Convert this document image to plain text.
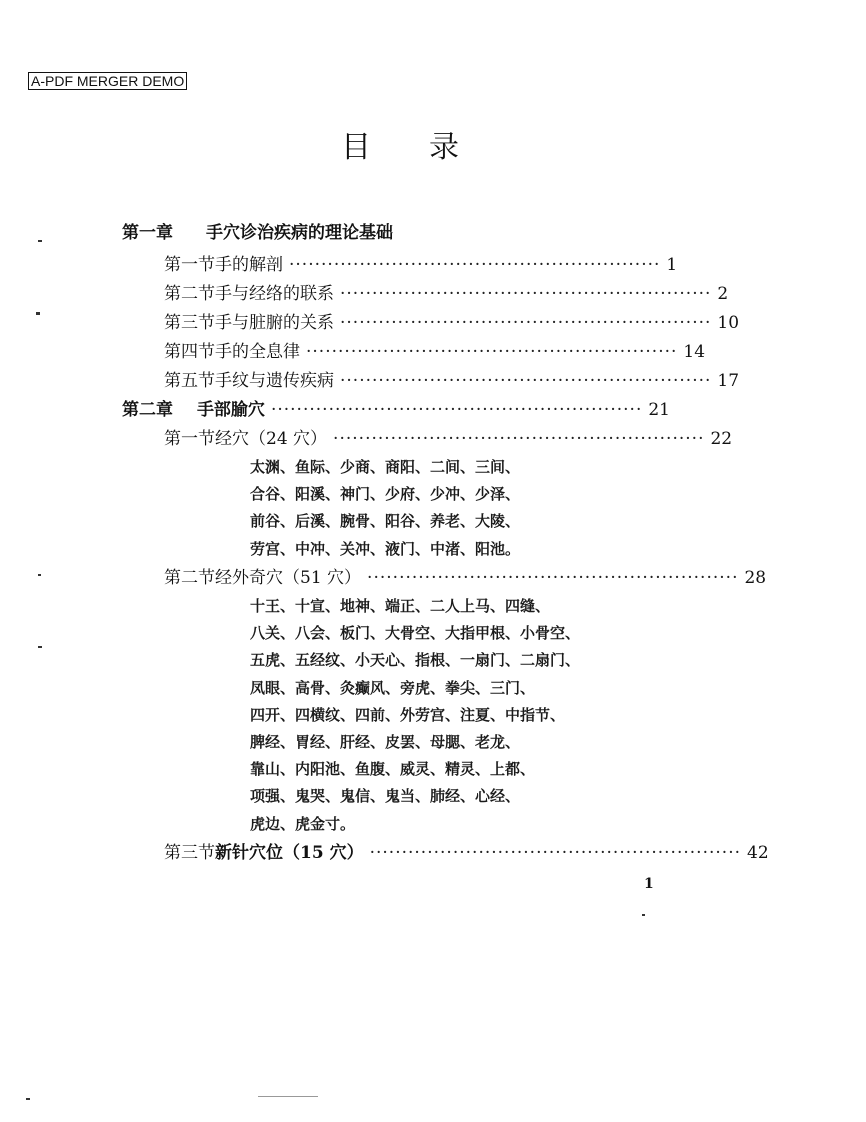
A-PDF MERGER DEMO
目录
第一章	手穴诊治疾病的理论基础
第一节 手的解剖 ·························································· 1
第二节 手与经络的联系 ·························································· 2
第三节 手与脏腑的关系 ·························································· 10
第四节 手的全息律 ·························································· 14
第五节 手纹与遗传疾病 ·························································· 17
第二章	手部腧穴 ·························································· 21
第一节 经穴（24 穴） ·························································· 22
太渊、鱼际、少商、商阳、二间、三间、
合谷、阳溪、神门、少府、少冲、少泽、
前谷、后溪、腕骨、阳谷、养老、大陵、
劳宫、中冲、关冲、液门、中渚、阳池。
第二节 经外奇穴（51 穴） ·························································· 28
十王、十宣、地神、端正、二人上马、四缝、
八关、八会、板门、大骨空、大指甲根、小骨空、
五虎、五经纹、小天心、指根、一扇门、二扇门、
凤眼、高骨、灸癫风、旁虎、拳尖、三门、
四开、四横纹、四前、外劳宫、注夏、中指节、
脾经、胃经、肝经、皮罢、母腮、老龙、
靠山、内阳池、鱼腹、威灵、精灵、上都、
项强、鬼哭、鬼信、鬼当、肺经、心经、
虎边、虎金寸。
第三节 新针穴位（15 穴） ·························································· 42
1
